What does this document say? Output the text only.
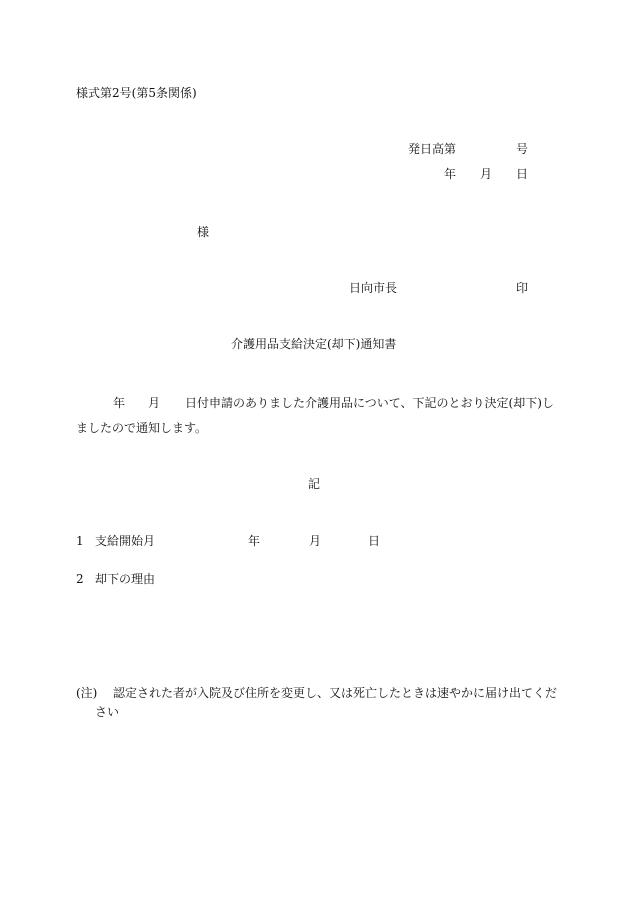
様式第2号(第5条関係)
発日高第	号
年 月 日
様
日向市長	印
介護用品支給決定(却下)通知書
年 月 日付申請のありました介護用品について、下記のとおり決定(却下)し
ましたので通知します。
記
1 支給開始月	年	月	日
2 却下の理由
(注) 認定された者が入院及び住所を変更し、又は死亡したときは速やかに届け出てくだ
さい
